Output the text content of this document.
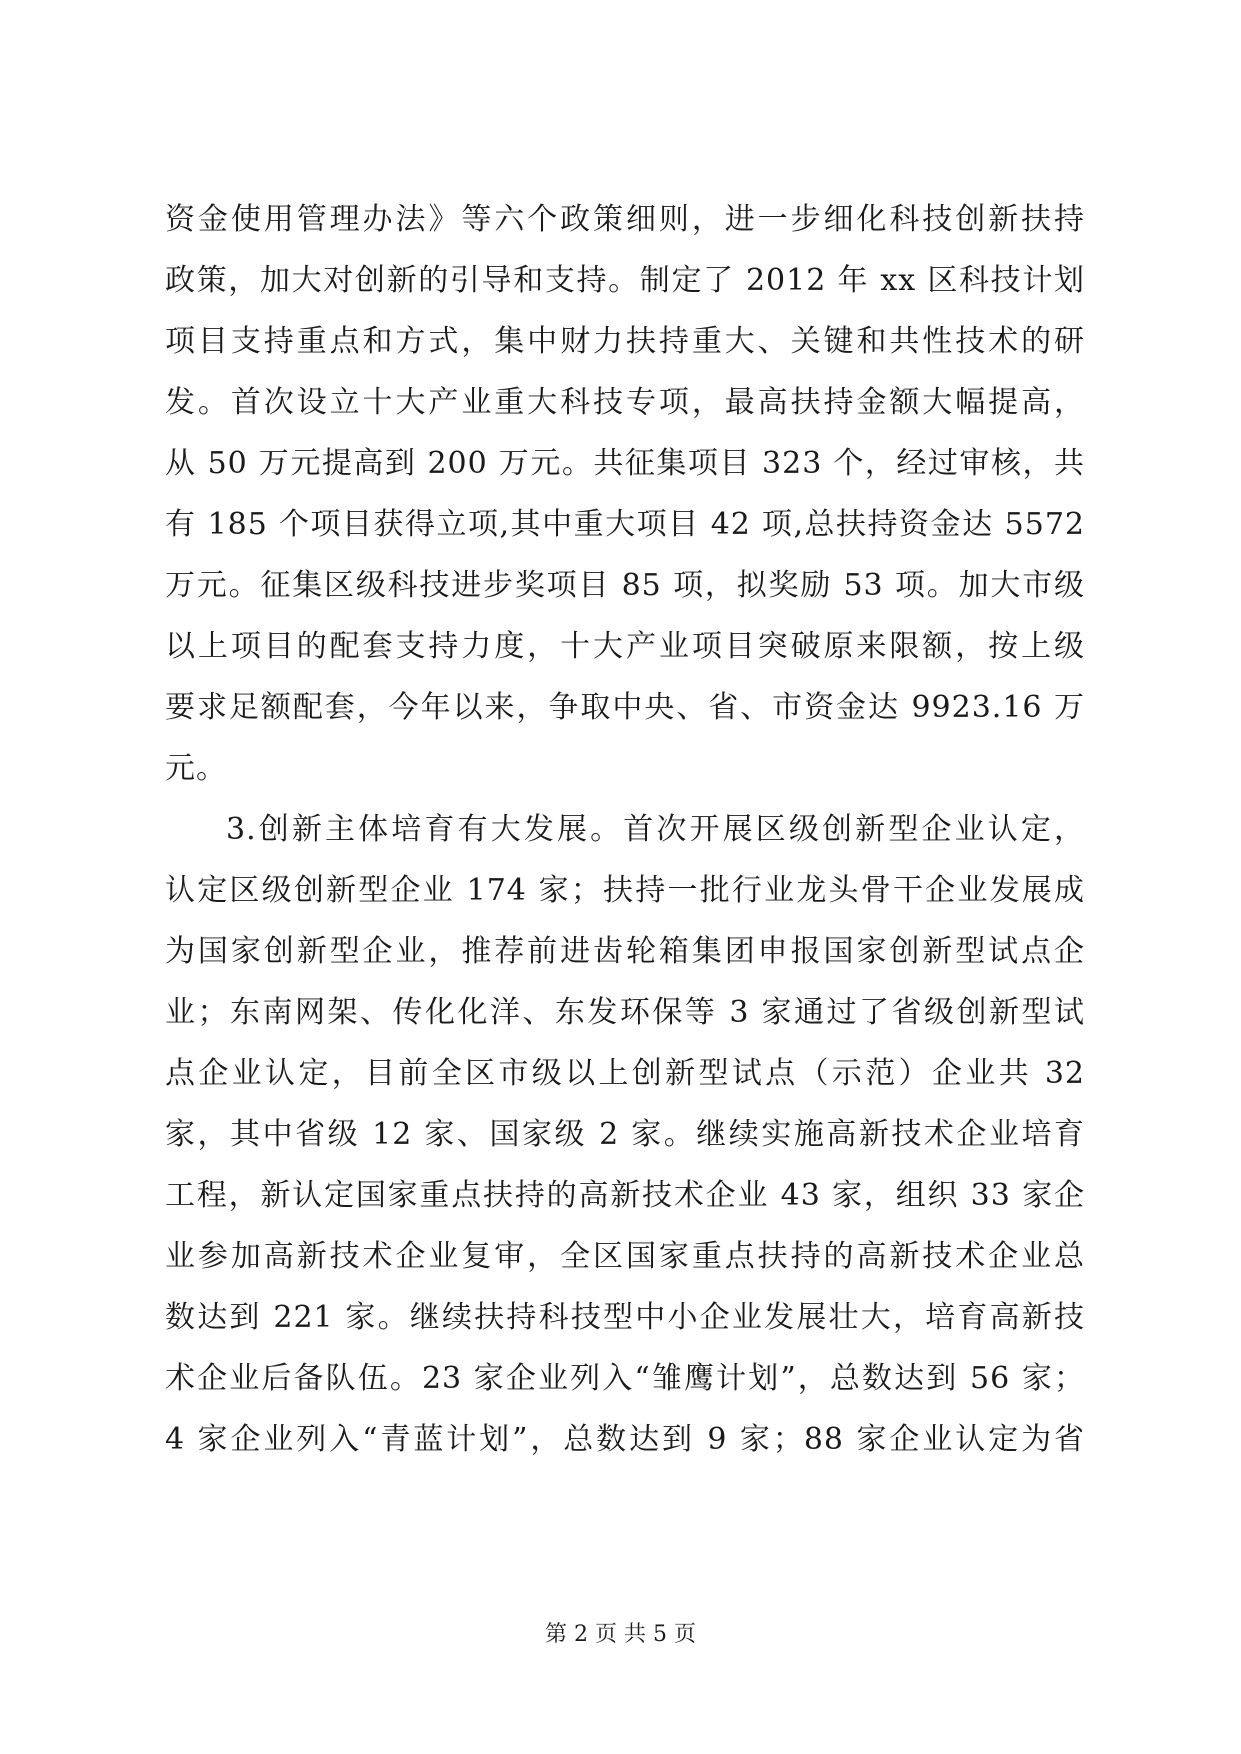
资金使用管理办法》等六个政策细则，进一步细化科技创新扶持
政策，加大对创新的引导和支持。制定了 2012 年 xx 区科技计划
项目支持重点和方式，集中财力扶持重大、关键和共性技术的研
发。首次设立十大产业重大科技专项，最高扶持金额大幅提高，
从 50 万元提高到 200 万元。共征集项目 323 个，经过审核，共
有 185 个项目获得立项,其中重大项目 42 项,总扶持资金达 5572
万元。征集区级科技进步奖项目 85 项，拟奖励 53 项。加大市级
以上项目的配套支持力度，十大产业项目突破原来限额，按上级
要求足额配套，今年以来，争取中央、省、市资金达 9923.16 万
元。
3.创新主体培育有大发展。首次开展区级创新型企业认定，
认定区级创新型企业 174 家；扶持一批行业龙头骨干企业发展成
为国家创新型企业，推荐前进齿轮箱集团申报国家创新型试点企
业；东南网架、传化化洋、东发环保等 3 家通过了省级创新型试
点企业认定，目前全区市级以上创新型试点（示范）企业共 32
家，其中省级 12 家、国家级 2 家。继续实施高新技术企业培育
工程，新认定国家重点扶持的高新技术企业 43 家，组织 33 家企
业参加高新技术企业复审，全区国家重点扶持的高新技术企业总
数达到 221 家。继续扶持科技型中小企业发展壮大，培育高新技
术企业后备队伍。23 家企业列入“雏鹰计划”，总数达到 56 家；
4 家企业列入“青蓝计划”，总数达到 9 家；88 家企业认定为省
第 2 页 共 5 页
